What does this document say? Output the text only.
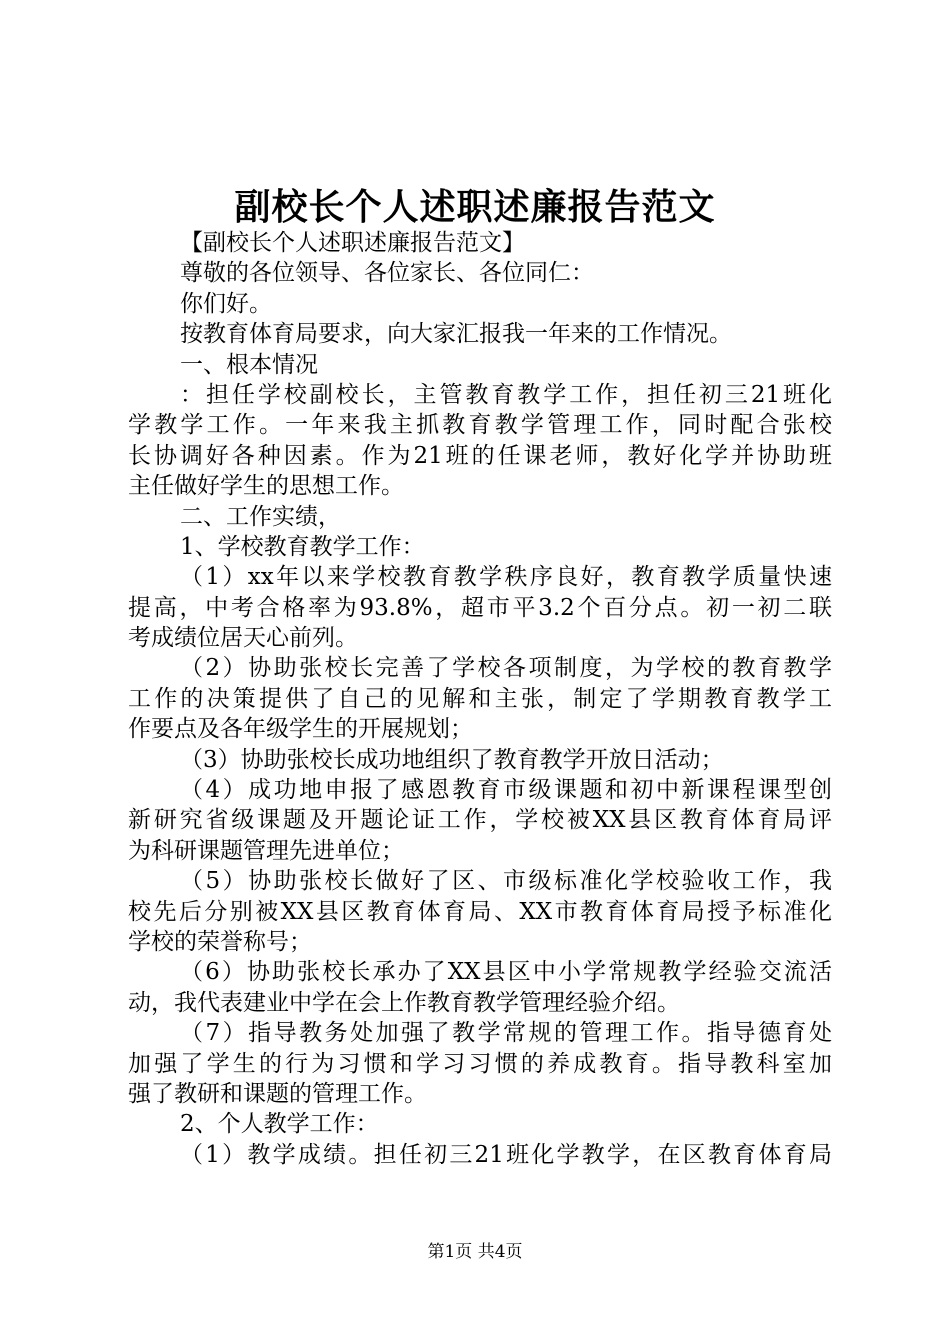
副校长个人述职述廉报告范文
【副校长个人述职述廉报告范文】
尊敬的各位领导、各位家长、各位同仁：
你们好。
按教育体育局要求，向大家汇报我一年来的工作情况。
一、根本情况
：担任学校副校长，主管教育教学工作，担任初三21班化
学教学工作。一年来我主抓教育教学管理工作，同时配合张校
长协调好各种因素。作为21班的任课老师，教好化学并协助班
主任做好学生的思想工作。
二、工作实绩，
1、学校教育教学工作：
（1）xx年以来学校教育教学秩序良好，教育教学质量快速
提高，中考合格率为93.8%，超市平3.2个百分点。初一初二联
考成绩位居天心前列。
（2）协助张校长完善了学校各项制度，为学校的教育教学
工作的决策提供了自己的见解和主张，制定了学期教育教学工
作要点及各年级学生的开展规划；
（3）协助张校长成功地组织了教育教学开放日活动；
（4）成功地申报了感恩教育市级课题和初中新课程课型创
新研究省级课题及开题论证工作，学校被XX县区教育体育局评
为科研课题管理先进单位；
（5）协助张校长做好了区、市级标准化学校验收工作，我
校先后分别被XX县区教育体育局、XX市教育体育局授予标准化
学校的荣誉称号；
（6）协助张校长承办了XX县区中小学常规教学经验交流活
动，我代表建业中学在会上作教育教学管理经验介绍。
（7）指导教务处加强了教学常规的管理工作。指导德育处
加强了学生的行为习惯和学习习惯的养成教育。指导教科室加
强了教研和课题的管理工作。
2、个人教学工作：
（1）教学成绩。担任初三21班化学教学，在区教育体育局
第1页 共4页
